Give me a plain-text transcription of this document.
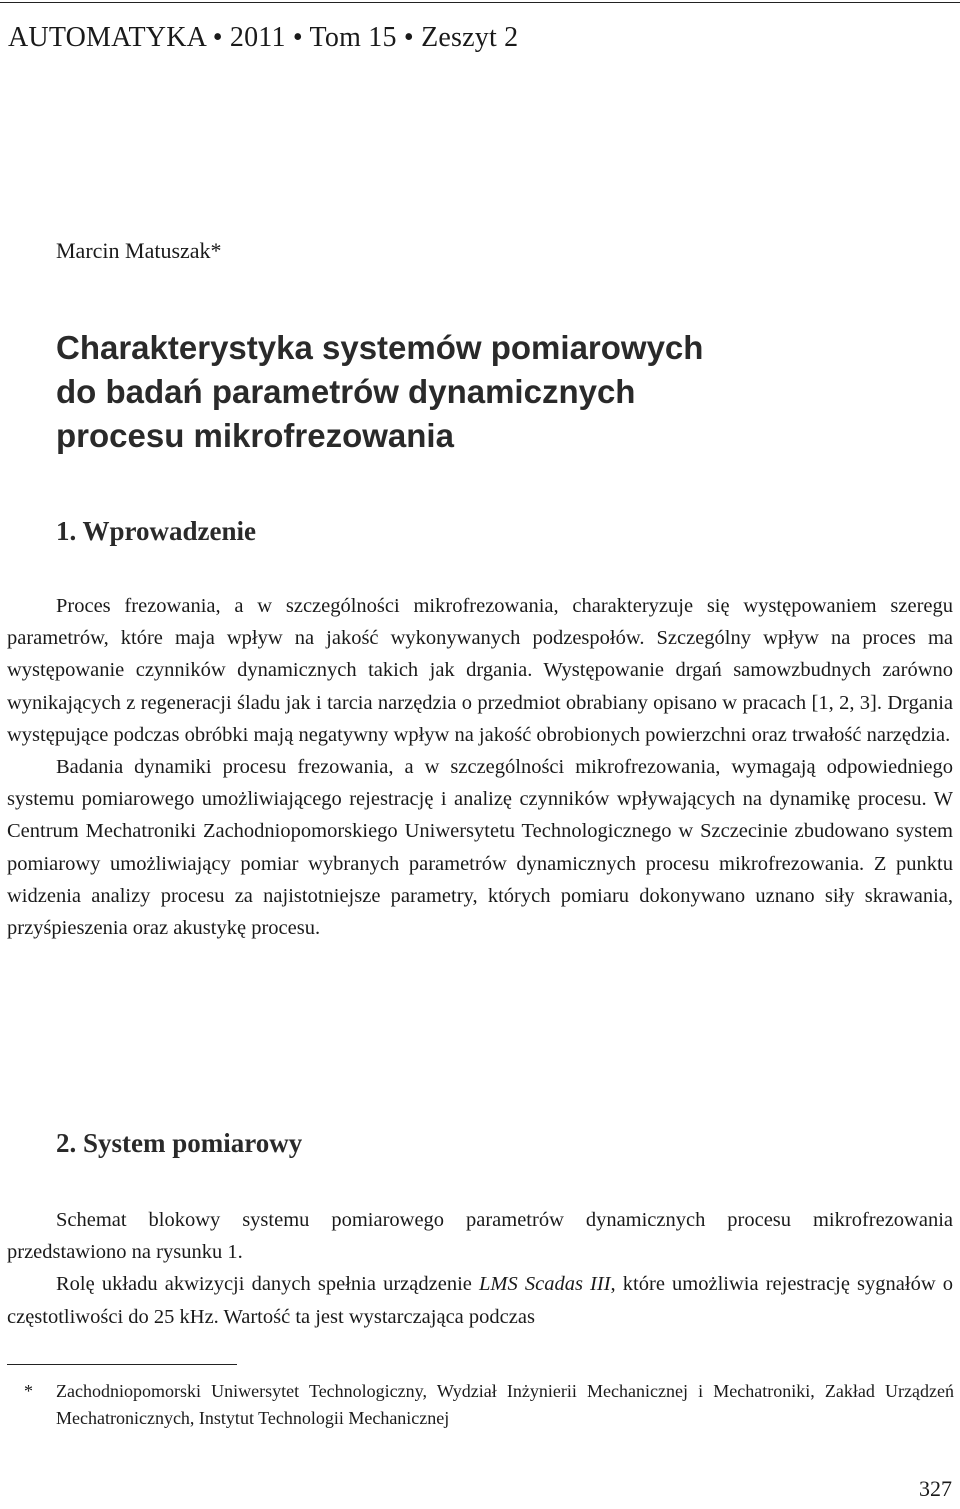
AUTOMATYKA • 2011 • Tom 15 • Zeszyt 2
Marcin Matuszak*
Charakterystyka systemów pomiarowych
do badań parametrów dynamicznych
procesu mikrofrezowania
1. Wprowadzenie

Proces frezowania, a w szczególności mikrofrezowania, charakteryzuje się występowaniem szeregu parametrów, które maja wpływ na jakość wykonywanych podzespołów. Szczególny wpływ na proces ma występowanie czynników dynamicznych takich jak drgania. Występowanie drgań samowzbudnych zarówno wynikających z regeneracji śladu jak i tarcia narzędzia o przedmiot obrabiany opisano w pracach [1, 2, 3]. Drgania występujące podczas obróbki mają negatywny wpływ na jakość obrobionych powierzchni oraz trwałość narzędzia.

Badania dynamiki procesu frezowania, a w szczególności mikrofrezowania, wymagają odpowiedniego systemu pomiarowego umożliwiającego rejestrację i analizę czynników wpływających na dynamikę procesu. W Centrum Mechatroniki Zachodniopomorskiego Uniwersytetu Technologicznego w Szczecinie zbudowano system pomiarowy umożliwiający pomiar wybranych parametrów dynamicznych procesu mikrofrezowania. Z punktu widzenia analizy procesu za najistotniejsze parametry, których pomiaru dokonywano uznano siły skrawania, przyśpieszenia oraz akustykę procesu.

2. System pomiarowy

Schemat blokowy systemu pomiarowego parametrów dynamicznych procesu mikrofrezowania przedstawiono na rysunku 1.

Rolę układu akwizycji danych spełnia urządzenie LMS Scadas III, które umożliwia rejestrację sygnałów o częstotliwości do 25 kHz. Wartość ta jest wystarczająca podczas

* Zachodniopomorski Uniwersytet Technologiczny, Wydział Inżynierii Mechanicznej i Mechatroniki, Zakład Urządzeń Mechatronicznych, Instytut Technologii Mechanicznej
327
